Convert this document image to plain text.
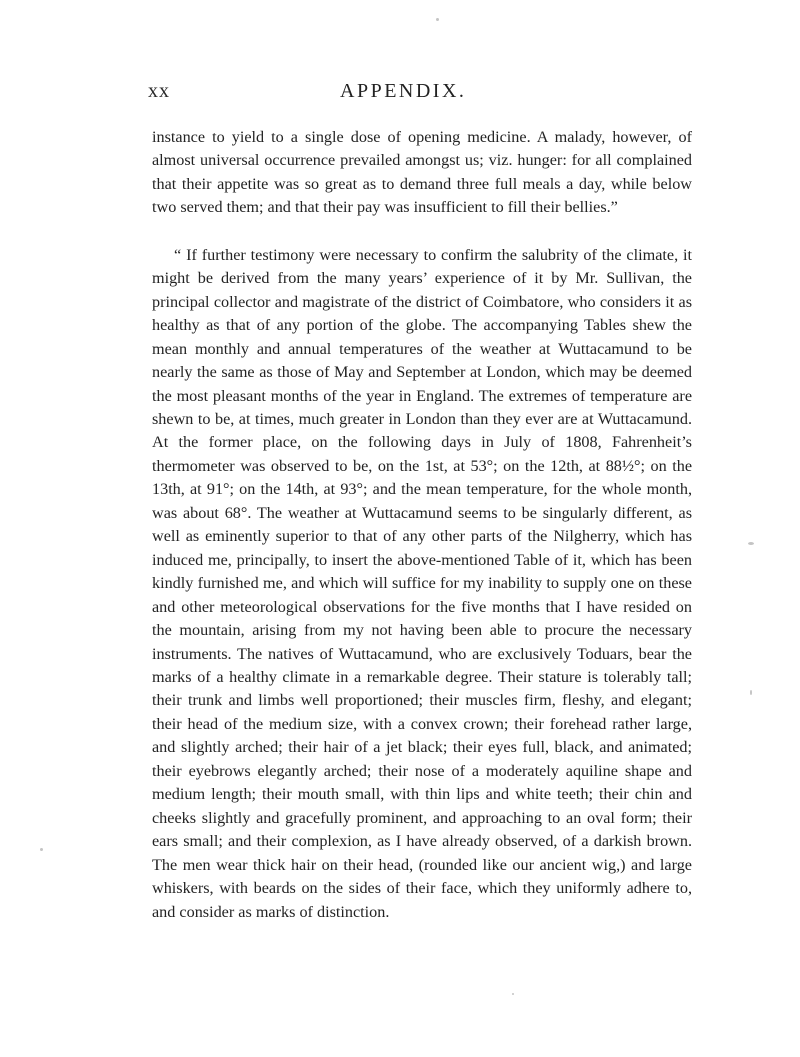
xx	APPENDIX.

instance to yield to a single dose of opening medicine. A malady, however, of almost universal occurrence prevailed amongst us; viz. hunger: for all complained that their appetite was so great as to demand three full meals a day, while below two served them; and that their pay was insufficient to fill their bellies.”

“ If further testimony were necessary to confirm the salubrity of the climate, it might be derived from the many years’ experience of it by Mr. Sullivan, the principal collector and magistrate of the district of Coimbatore, who considers it as healthy as that of any portion of the globe. The accompanying Tables shew the mean monthly and annual temperatures of the weather at Wuttacamund to be nearly the same as those of May and September at London, which may be deemed the most pleasant months of the year in England. The extremes of temperature are shewn to be, at times, much greater in London than they ever are at Wuttacamund. At the former place, on the following days in July of 1808, Fahrenheit’s thermometer was observed to be, on the 1st, at 53°; on the 12th, at 88½°; on the 13th, at 91°; on the 14th, at 93°; and the mean temperature, for the whole month, was about 68°. The weather at Wuttacamund seems to be singularly different, as well as eminently superior to that of any other parts of the Nilgherry, which has induced me, principally, to insert the above-mentioned Table of it, which has been kindly furnished me, and which will suffice for my inability to supply one on these and other meteorological observations for the five months that I have resided on the mountain, arising from my not having been able to procure the necessary instruments. The natives of Wuttacamund, who are exclusively Toduars, bear the marks of a healthy climate in a remarkable degree. Their stature is tolerably tall; their trunk and limbs well proportioned; their muscles firm, fleshy, and elegant; their head of the medium size, with a convex crown; their forehead rather large, and slightly arched; their hair of a jet black; their eyes full, black, and animated; their eyebrows elegantly arched; their nose of a moderately aquiline shape and medium length; their mouth small, with thin lips and white teeth; their chin and cheeks slightly and gracefully prominent, and approaching to an oval form; their ears small; and their complexion, as I have already observed, of a darkish brown. The men wear thick hair on their head, (rounded like our ancient wig,) and large whiskers, with beards on the sides of their face, which they uniformly adhere to, and consider as marks of distinction.
